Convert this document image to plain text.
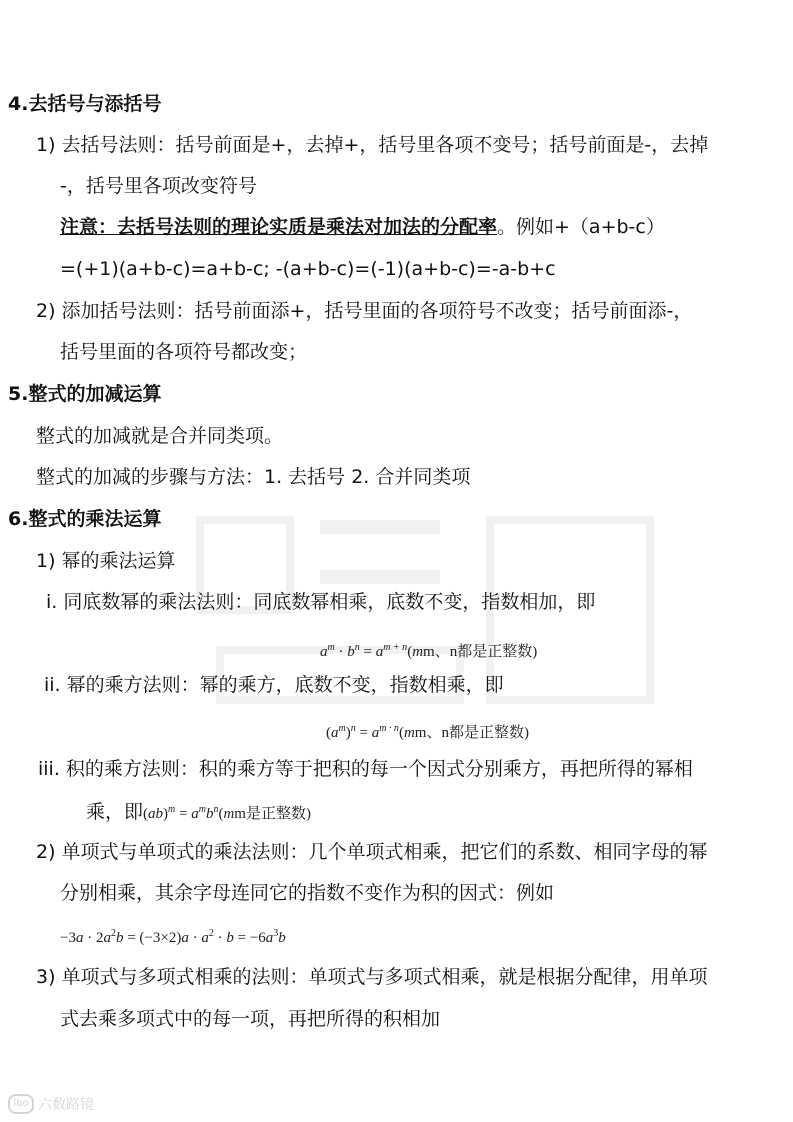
4.去括号与添括号
1) 去括号法则：括号前面是+，去掉+，括号里各项不变号；括号前面是-，去掉
-，括号里各项改变符号
注意：去括号法则的理论实质是乘法对加法的分配率。例如+（a+b-c）
=(+1)(a+b-c)=a+b-c; -(a+b-c)=(-1)(a+b-c)=-a-b+c
2) 添加括号法则：括号前面添+，括号里面的各项符号不改变；括号前面添-，
括号里面的各项符号都改变；
5.整式的加减运算
整式的加减就是合并同类项。
整式的加减的步骤与方法：1. 去括号 2. 合并同类项
6.整式的乘法运算
1) 幂的乘法运算
i. 同底数幂的乘法法则：同底数幂相乘，底数不变，指数相加，即
$a^m \cdot b^n = a^{m + n}(mm$、n都是正整数)
ii. 幂的乘方法则：幂的乘方，底数不变，指数相乘，即
$(a^m)^n = a^{m \cdot n}(mm$、n都是正整数)
iii. 积的乘方法则：积的乘方等于把积的每一个因式分别乘方，再把所得的幂相
乘，即$(ab)^m = a^mb^n(mm$是正整数)
2) 单项式与单项式的乘法法则：几个单项式相乘，把它们的系数、相同字母的幂
分别相乘，其余字母连同它的指数不变作为积的因式：例如
$-3a \cdot 2a^2b = (-3\times 2)a \cdot a^2 \cdot b = -6a^3b$
3) 单项式与多项式相乘的法则：单项式与多项式相乘，就是根据分配律，用单项
式去乘多项式中的每一项，再把所得的积相加
lbo 六数路镜
